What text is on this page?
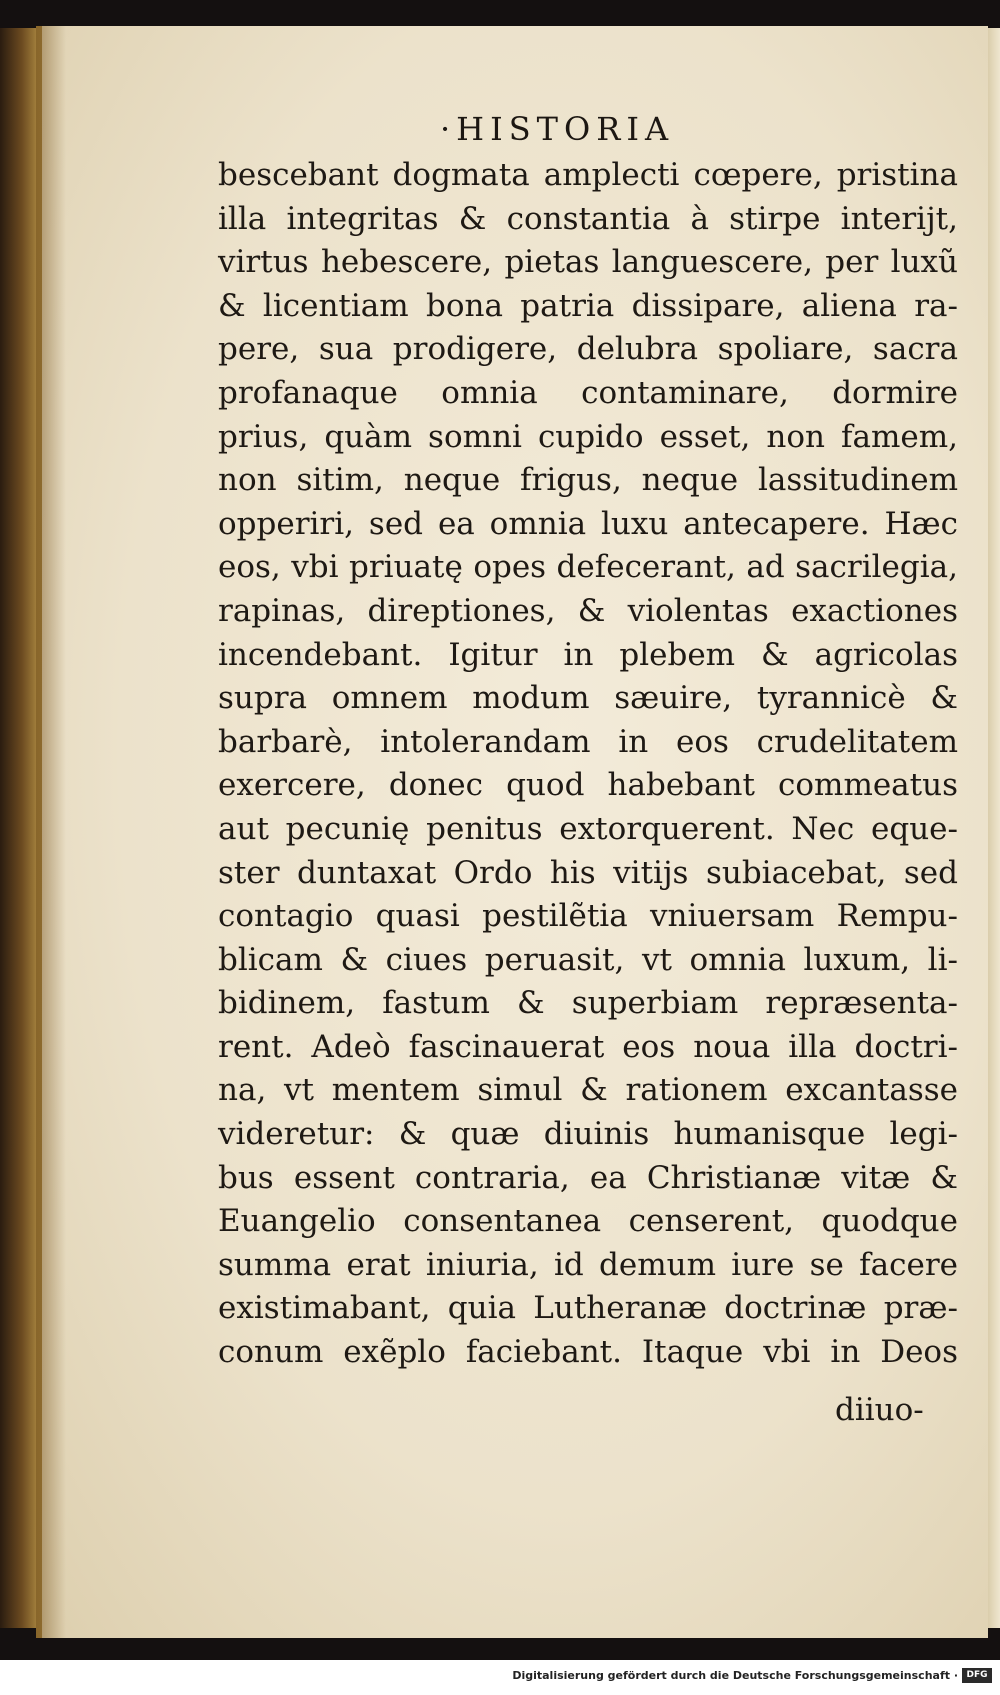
·HISTORIA
bescebant dogmata amplecti cœpere, pristina
illa integritas & constantia à stirpe interijt,
virtus hebescere, pietas languescere, per luxũ
& licentiam bona patria dissipare, aliena ra-
pere, sua prodigere, delubra spoliare, sacra
profanaque omnia contaminare, dormire
prius, quàm somni cupido esset, non famem,
non sitim, neque frigus, neque lassitudinem
opperiri, sed ea omnia luxu antecapere. Hæc
eos, vbi priuatę opes defecerant, ad sacrilegia,
rapinas, direptiones, & violentas exactiones
incendebant. Igitur in plebem & agricolas
supra omnem modum sæuire, tyrannicè &
barbarè, intolerandam in eos crudelitatem
exercere, donec quod habebant commeatus
aut pecunię penitus extorquerent. Nec eque-
ster duntaxat Ordo his vitijs subiacebat, sed
contagio quasi pestilẽtia vniuersam Rempu-
blicam & ciues peruasit, vt omnia luxum, li-
bidinem, fastum & superbiam repræsenta-
rent. Adeò fascinauerat eos noua illa doctri-
na, vt mentem simul & rationem excantasse
videretur: & quæ diuinis humanisque legi-
bus essent contraria, ea Christianæ vitæ &
Euangelio consentanea censerent, quodque
summa erat iniuria, id demum iure se facere
existimabant, quia Lutheranæ doctrinæ præ-
conum exẽplo faciebant. Itaque vbi in Deos
diiuo-
Digitalisierung gefördert durch die Deutsche Forschungsgemeinschaft · DFG
